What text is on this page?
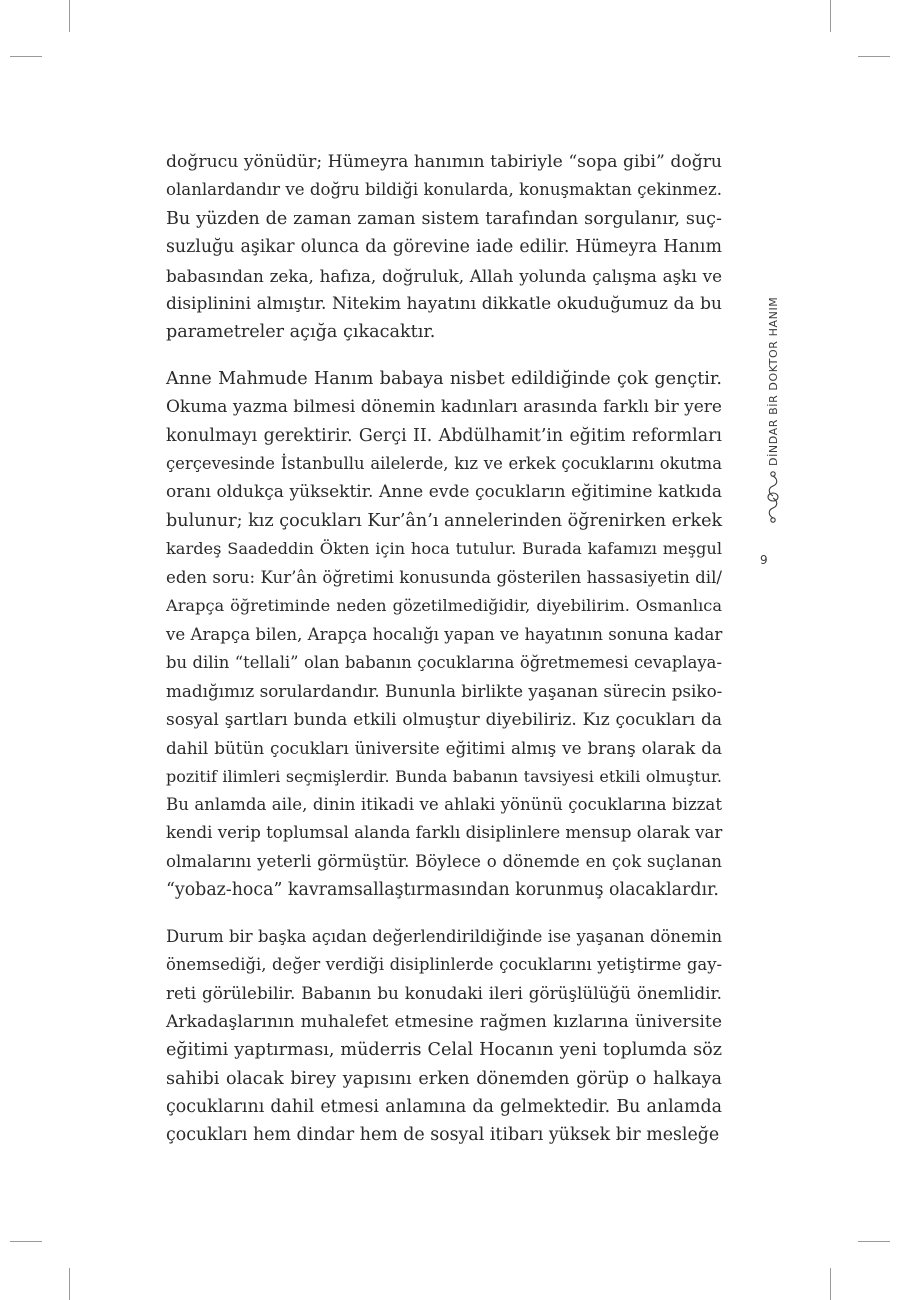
doğrucu yönüdür; Hümeyra hanımın tabiriyle “sopa gibi” doğru
olanlardandır ve doğru bildiği konularda, konuşmaktan çekinmez.
Bu yüzden de zaman zaman sistem tarafından sorgulanır, suç-
suzluğu aşikar olunca da görevine iade edilir. Hümeyra Hanım
babasından zeka, hafıza, doğruluk, Allah yolunda çalışma aşkı ve
disiplinini almıştır. Nitekim hayatını dikkatle okuduğumuz da bu
parametreler açığa çıkacaktır.

Anne Mahmude Hanım babaya nisbet edildiğinde çok gençtir.
Okuma yazma bilmesi dönemin kadınları arasında farklı bir yere
konulmayı gerektirir. Gerçi II. Abdülhamit’in eğitim reformları
çerçevesinde İstanbullu ailelerde, kız ve erkek çocuklarını okutma
oranı oldukça yüksektir. Anne evde çocukların eğitimine katkıda
bulunur; kız çocukları Kur’ân’ı annelerinden öğrenirken erkek
kardeş Saadeddin Ökten için hoca tutulur. Burada kafamızı meşgul
eden soru: Kur’ân öğretimi konusunda gösterilen hassasiyetin dil/
Arapça öğretiminde neden gözetilmediğidir, diyebilirim. Osmanlıca
ve Arapça bilen, Arapça hocalığı yapan ve hayatının sonuna kadar
bu dilin “tellali” olan babanın çocuklarına öğretmemesi cevaplaya-
madığımız sorulardandır. Bununla birlikte yaşanan sürecin psiko-
sosyal şartları bunda etkili olmuştur diyebiliriz. Kız çocukları da
dahil bütün çocukları üniversite eğitimi almış ve branş olarak da
pozitif ilimleri seçmişlerdir. Bunda babanın tavsiyesi etkili olmuştur.
Bu anlamda aile, dinin itikadi ve ahlaki yönünü çocuklarına bizzat
kendi verip toplumsal alanda farklı disiplinlere mensup olarak var
olmalarını yeterli görmüştür. Böylece o dönemde en çok suçlanan
“yobaz-hoca” kavramsallaştırmasından korunmuş olacaklardır.

Durum bir başka açıdan değerlendirildiğinde ise yaşanan dönemin
önemsediği, değer verdiği disiplinlerde çocuklarını yetiştirme gay-
reti görülebilir. Babanın bu konudaki ileri görüşlülüğü önemlidir.
Arkadaşlarının muhalefet etmesine rağmen kızlarına üniversite
eğitimi yaptırması, müderris Celal Hocanın yeni toplumda söz
sahibi olacak birey yapısını erken dönemden görüp o halkaya
çocuklarını dahil etmesi anlamına da gelmektedir. Bu anlamda
çocukları hem dindar hem de sosyal itibarı yüksek bir mesleğe

DİNDAR BİR DOKTOR HANIM
9
